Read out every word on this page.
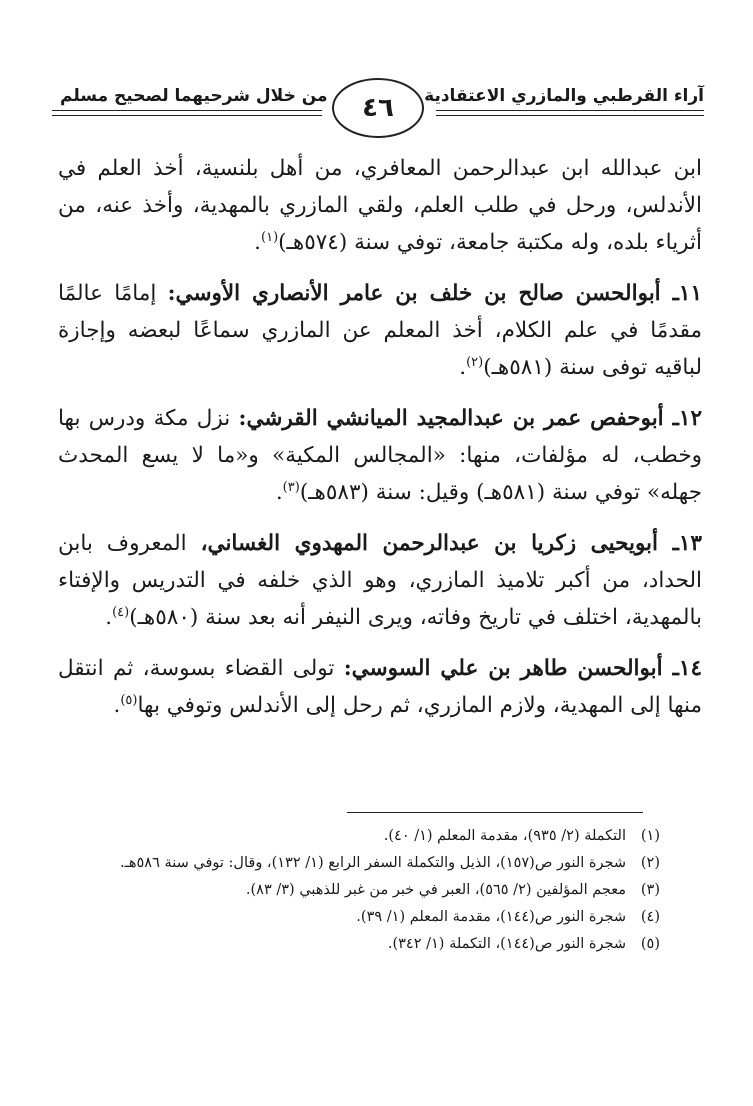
آراء القرطبي والمازري الاعتقادية
من خلال شرحيهما لصحيح مسلم	٤٦

ابن عبدالله ابن عبدالرحمن المعافري، من أهل بلنسية، أخذ العلم في الأندلس، ورحل في طلب العلم، ولقي المازري بالمهدية، وأخذ عنه، من أثرياء بلده، وله مكتبة جامعة، توفي سنة (٥٧٤هـ)$^{(١)}$.

١١ـ أبوالحسن صالح بن خلف بن عامر الأنصاري الأوسي: إمامًا عالمًا مقدمًا في علم الكلام، أخذ المعلم عن المازري سماعًا لبعضه وإجازة لباقيه توفى سنة (٥٨١هـ)$^{(٢)}$.

١٢ـ أبوحفص عمر بن عبدالمجيد الميانشي القرشي: نزل مكة ودرس بها وخطب، له مؤلفات، منها: «المجالس المكية» و«ما لا يسع المحدث جهله» توفي سنة (٥٨١هـ) وقيل: سنة (٥٨٣هـ)$^{(٣)}$.

١٣ـ أبويحيى زكريا بن عبدالرحمن المهدوي الغساني، المعروف بابن الحداد، من أكبر تلاميذ المازري، وهو الذي خلفه في التدريس والإفتاء بالمهدية، اختلف في تاريخ وفاته، ويرى النيفر أنه بعد سنة (٥٨٠هـ)$^{(٤)}$.

١٤ـ أبوالحسن طاهر بن علي السوسي: تولى القضاء بسوسة، ثم انتقل منها إلى المهدية، ولازم المازري، ثم رحل إلى الأندلس وتوفي بها$^{(٥)}$.

(١)
التكملة (٢/ ٩٣٥)، مقدمة المعلم (١/ ٤٠).
(٢)
شجرة النور ص(١٥٧)، الذيل والتكملة السفر الرابع (١/ ١٣٢)، وقال: توفي سنة ٥٨٦هـ.
(٣)
معجم المؤلفين (٢/ ٥٦٥)، العبر في خبر من غبر للذهبي (٣/ ٨٣).
(٤)
شجرة النور ص(١٤٤)، مقدمة المعلم (١/ ٣٩).
(٥)
شجرة النور ص(١٤٤)، التكملة (١/ ٣٤٢).
